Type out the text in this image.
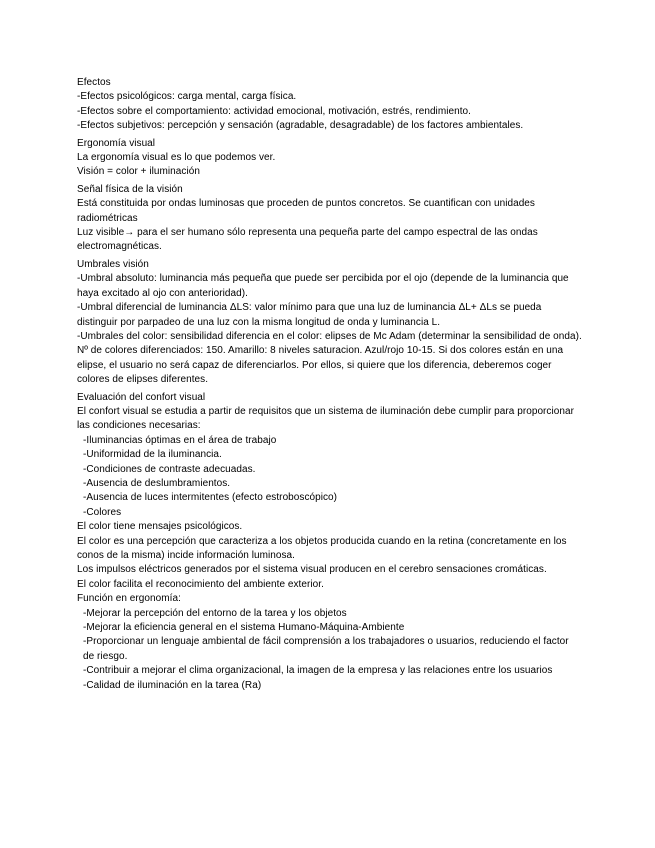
Efectos
-Efectos psicológicos: carga mental, carga física.
-Efectos sobre el comportamiento: actividad emocional, motivación, estrés, rendimiento.
-Efectos subjetivos: percepción y sensación (agradable, desagradable) de los factores ambientales.
Ergonomía visual
La ergonomía visual es lo que podemos ver.
Visión = color + iluminación
Señal física de la visión
Está constituida por ondas luminosas que proceden de puntos concretos. Se cuantifican con unidades radiométricas
Luz visible→ para el ser humano sólo representa una pequeña parte del campo espectral de las ondas electromagnéticas.
Umbrales visión
-Umbral absoluto: luminancia más pequeña que puede ser percibida por el ojo (depende de la luminancia que haya excitado al ojo con anterioridad).
-Umbral diferencial de luminancia ΔLS: valor mínimo para que una luz de luminancia ΔL+ ΔLs se pueda distinguir por parpadeo de una luz con la misma longitud de onda y luminancia L.
-Umbrales del color: sensibilidad diferencia en el color: elipses de Mc Adam (determinar la sensibilidad de onda). Nº de colores diferenciados: 150. Amarillo: 8 niveles saturacion. Azul/rojo 10-15. Si dos colores están en una elipse, el usuario no será capaz de diferenciarlos. Por ellos, si quiere que los diferencia, deberemos coger colores de elipses diferentes.
Evaluación del confort visual
El confort visual se estudia a partir de requisitos que un sistema de iluminación debe cumplir para proporcionar las condiciones necesarias:
-Iluminancias óptimas en el área de trabajo
-Uniformidad de la iluminancia.
-Condiciones de contraste adecuadas.
-Ausencia de deslumbramientos.
-Ausencia de luces intermitentes (efecto estroboscópico)
-Colores
El color tiene mensajes psicológicos.
El color es una percepción que caracteriza a los objetos producida cuando en la retina (concretamente en los conos de la misma) incide información luminosa.
Los impulsos eléctricos generados por el sistema visual producen en el cerebro sensaciones cromáticas.
El color facilita el reconocimiento del ambiente exterior.
Función en ergonomía:
-Mejorar la percepción del entorno de la tarea y los objetos
-Mejorar la eficiencia general en el sistema Humano-Máquina-Ambiente
-Proporcionar un lenguaje ambiental de fácil comprensión a los trabajadores o usuarios, reduciendo el factor de riesgo.
-Contribuir a mejorar el clima organizacional, la imagen de la empresa y las relaciones entre los usuarios
-Calidad de iluminación en la tarea (Ra)
